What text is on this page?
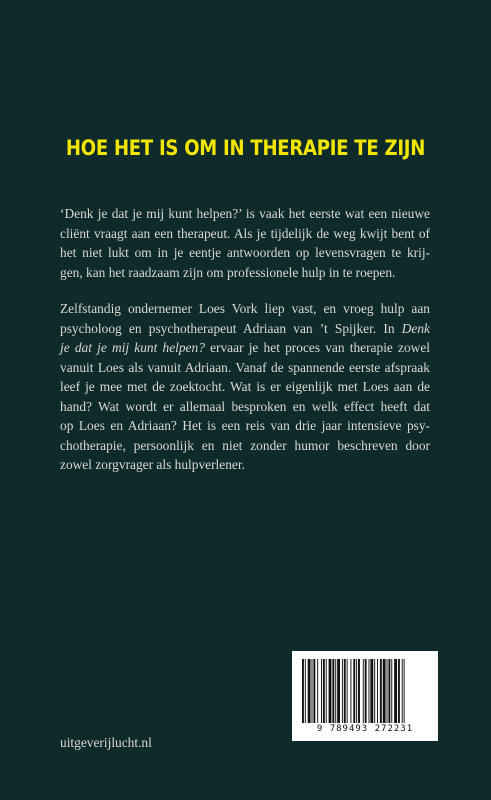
HOE HET IS OM IN THERAPIE TE ZIJN
‘Denk je dat je mij kunt helpen?’ is vaak het eerste wat een nieuwe
cliënt vraagt aan een therapeut. Als je tijdelijk de weg kwijt bent of
het niet lukt om in je eentje antwoorden op levensvragen te krij-
gen, kan het raadzaam zijn om professionele hulp in te roepen.
Zelfstandig ondernemer Loes Vork liep vast, en vroeg hulp aan
psycholoog en psychotherapeut Adriaan van ’t Spijker. In Denk
je dat je mij kunt helpen? ervaar je het proces van therapie zowel
vanuit Loes als vanuit Adriaan. Vanaf de spannende eerste afspraak
leef je mee met de zoektocht. Wat is er eigenlijk met Loes aan de
hand? Wat wordt er allemaal besproken en welk effect heeft dat
op Loes en Adriaan? Het is een reis van drie jaar intensieve psy-
chotherapie, persoonlijk en niet zonder humor beschreven door
zowel zorgvrager als hulpverlener.
uitgeverijlucht.nl
9 789493 272231
